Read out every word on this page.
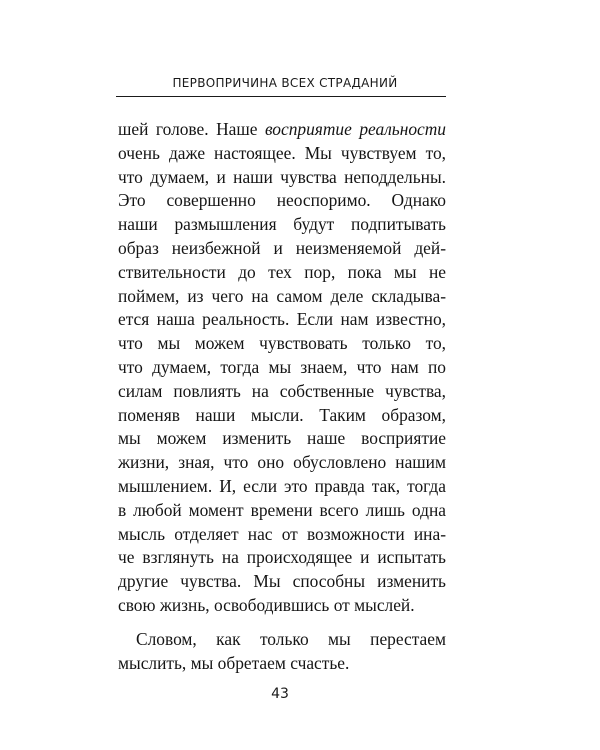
ПЕРВОПРИЧИНА ВСЕХ СТРАДАНИЙ

шей голове. Наше восприятие реальности
очень даже настоящее. Мы чувствуем то,
что думаем, и наши чувства неподдельны.
Это совершенно неоспоримо. Однако
наши размышления будут подпитывать
образ неизбежной и неизменяемой дей-
ствительности до тех пор, пока мы не
поймем, из чего на самом деле складыва-
ется наша реальность. Если нам известно,
что мы можем чувствовать только то,
что думаем, тогда мы знаем, что нам по
силам повлиять на собственные чувства,
поменяв наши мысли. Таким образом,
мы можем изменить наше восприятие
жизни, зная, что оно обусловлено нашим
мышлением. И, если это правда так, тогда
в любой момент времени всего лишь одна
мысль отделяет нас от возможности ина-
че взглянуть на происходящее и испытать
другие чувства. Мы способны изменить
свою жизнь, освободившись от мыслей.
Словом, как только мы перестаем
мыслить, мы обретаем счастье.

43
